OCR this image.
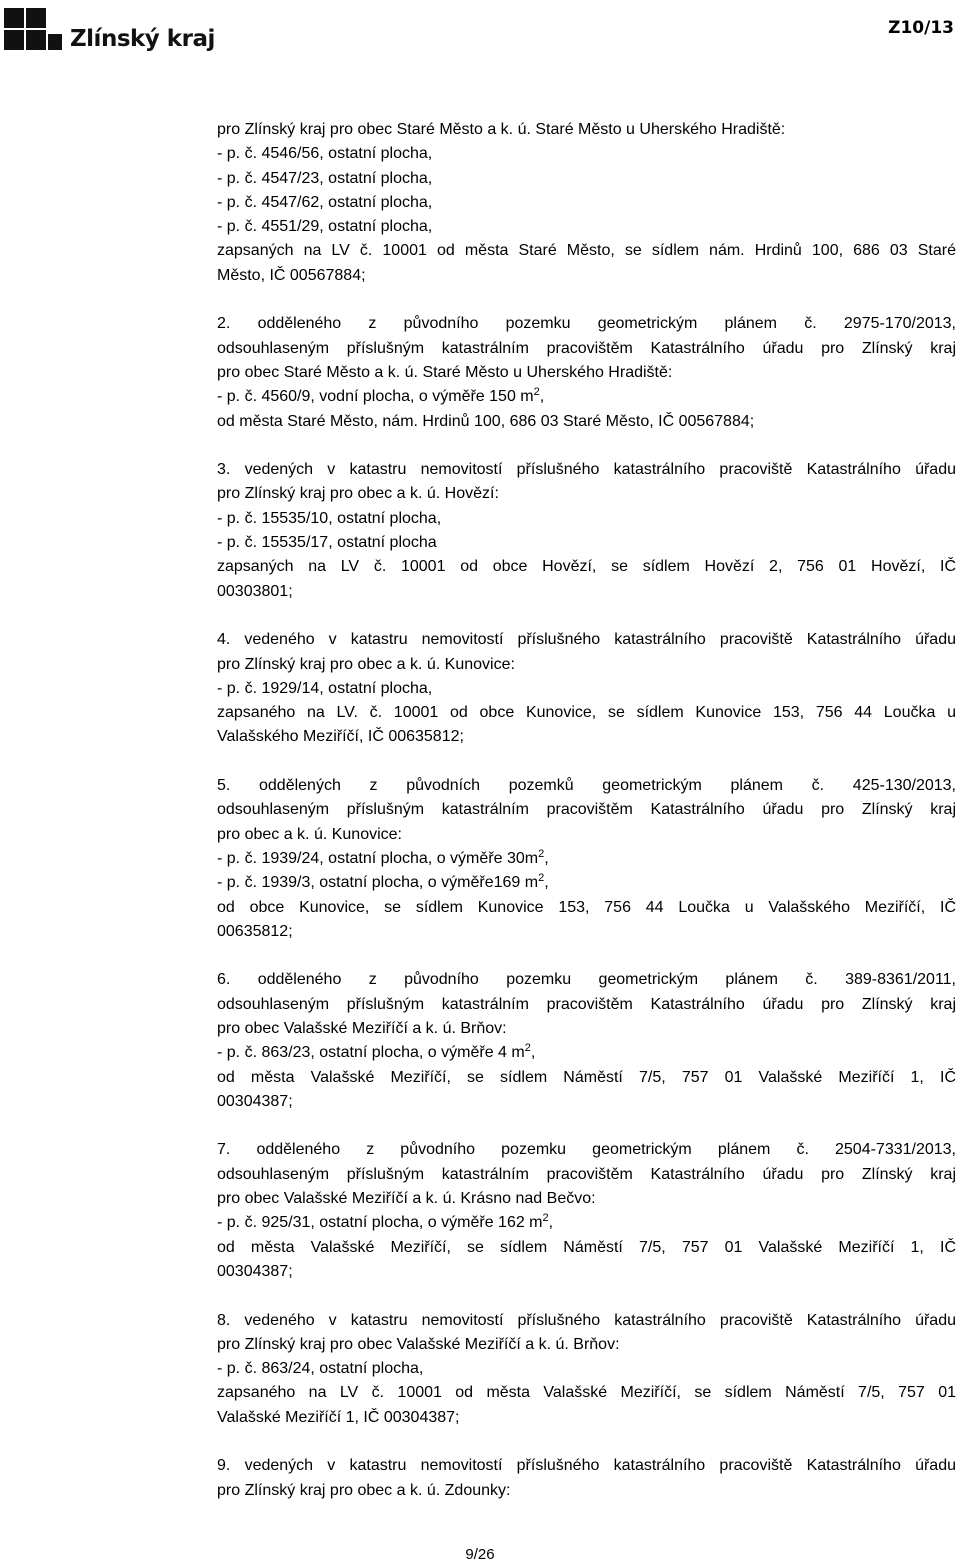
Zlínský kraj	Z10/13
pro Zlínský kraj pro obec Staré Město a k. ú. Staré Město u Uherského Hradiště:
- p. č. 4546/56, ostatní plocha,
- p. č. 4547/23, ostatní plocha,
- p. č. 4547/62, ostatní plocha,
- p. č. 4551/29, ostatní plocha,
zapsaných na LV č. 10001 od města Staré Město, se sídlem nám. Hrdinů 100, 686 03 Staré
Město, IČ 00567884;
2. odděleného z původního pozemku geometrickým plánem č. 2975-170/2013,
odsouhlaseným příslušným katastrálním pracovištěm Katastrálního úřadu pro Zlínský kraj
pro obec Staré Město a k. ú. Staré Město u Uherského Hradiště:
- p. č. 4560/9, vodní plocha, o výměře 150 $m^2$,
od města Staré Město, nám. Hrdinů 100, 686 03 Staré Město, IČ 00567884;
3. vedených v katastru nemovitostí příslušného katastrálního pracoviště Katastrálního úřadu
pro Zlínský kraj pro obec a k. ú. Hovězí:
- p. č. 15535/10, ostatní plocha,
- p. č. 15535/17, ostatní plocha
zapsaných na LV č. 10001 od obce Hovězí, se sídlem Hovězí 2, 756 01 Hovězí, IČ
00303801;
4. vedeného v katastru nemovitostí příslušného katastrálního pracoviště Katastrálního úřadu
pro Zlínský kraj pro obec a k. ú. Kunovice:
- p. č. 1929/14, ostatní plocha,
zapsaného na LV. č. 10001 od obce Kunovice, se sídlem Kunovice 153, 756 44 Loučka u
Valašského Meziříčí, IČ 00635812;
5. oddělených z původních pozemků geometrickým plánem č. 425-130/2013,
odsouhlaseným příslušným katastrálním pracovištěm Katastrálního úřadu pro Zlínský kraj
pro obec a k. ú. Kunovice:
- p. č. 1939/24, ostatní plocha, o výměře $30m^2$,
- p. č. 1939/3, ostatní plocha, o výměře169 $m^2$,
od obce Kunovice, se sídlem Kunovice 153, 756 44 Loučka u Valašského Meziříčí, IČ
00635812;
6. odděleného z původního pozemku geometrickým plánem č. 389-8361/2011,
odsouhlaseným příslušným katastrálním pracovištěm Katastrálního úřadu pro Zlínský kraj
pro obec Valašské Meziříčí a k. ú. Brňov:
- p. č. 863/23, ostatní plocha, o výměře 4 $m^2$,
od města Valašské Meziříčí, se sídlem Náměstí 7/5, 757 01 Valašské Meziříčí 1, IČ
00304387;
7. odděleného z původního pozemku geometrickým plánem č. 2504-7331/2013,
odsouhlaseným příslušným katastrálním pracovištěm Katastrálního úřadu pro Zlínský kraj
pro obec Valašské Meziříčí a k. ú. Krásno nad Bečvo:
- p. č. 925/31, ostatní plocha, o výměře 162 $m^2$,
od města Valašské Meziříčí, se sídlem Náměstí 7/5, 757 01 Valašské Meziříčí 1, IČ
00304387;
8. vedeného v katastru nemovitostí příslušného katastrálního pracoviště Katastrálního úřadu
pro Zlínský kraj pro obec Valašské Meziříčí a k. ú. Brňov:
- p. č. 863/24, ostatní plocha,
zapsaného na LV č. 10001 od města Valašské Meziříčí, se sídlem Náměstí 7/5, 757 01
Valašské Meziříčí 1, IČ 00304387;
9. vedených v katastru nemovitostí příslušného katastrálního pracoviště Katastrálního úřadu
pro Zlínský kraj pro obec a k. ú. Zdounky:
9/26
